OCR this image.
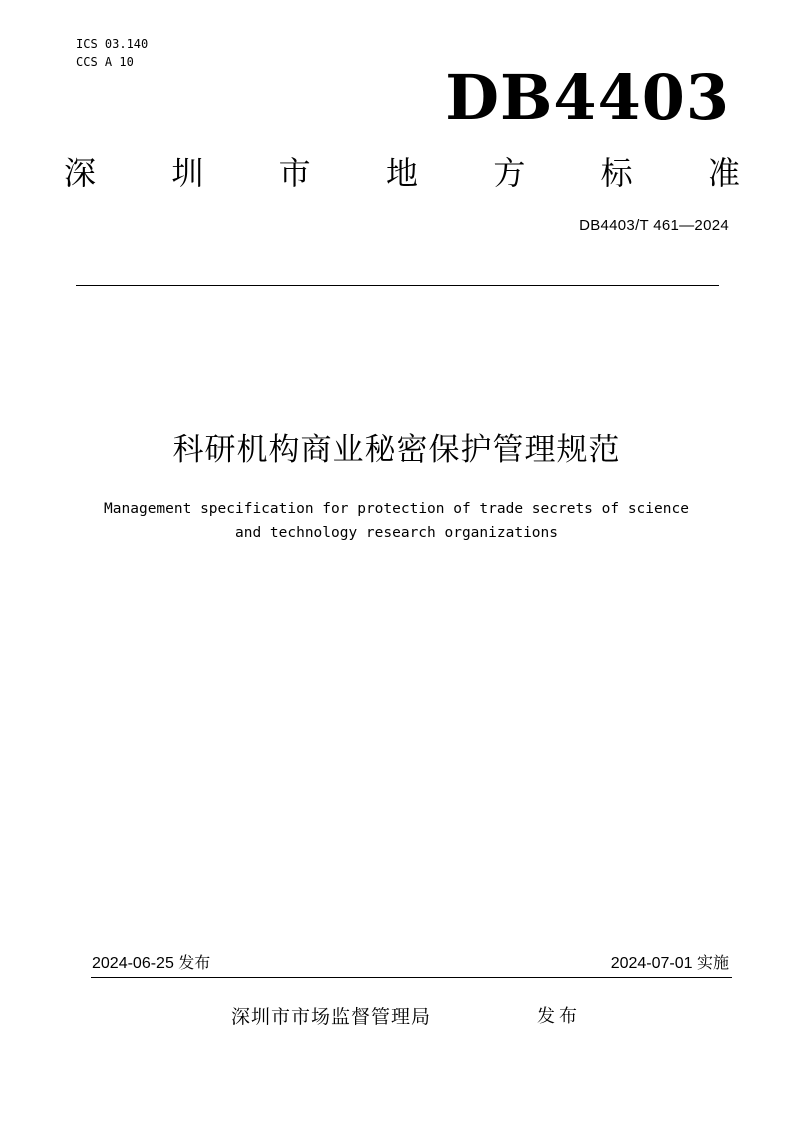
ICS 03.140
CCS A 10	DB4403
深 圳 市 地 方 标 准
DB4403/T 461—2024
科研机构商业秘密保护管理规范
Management specification for protection of trade secrets of science
and technology research organizations
2024-06-25 发布	2024-07-01 实施
深圳市市场监督管理局	发布
